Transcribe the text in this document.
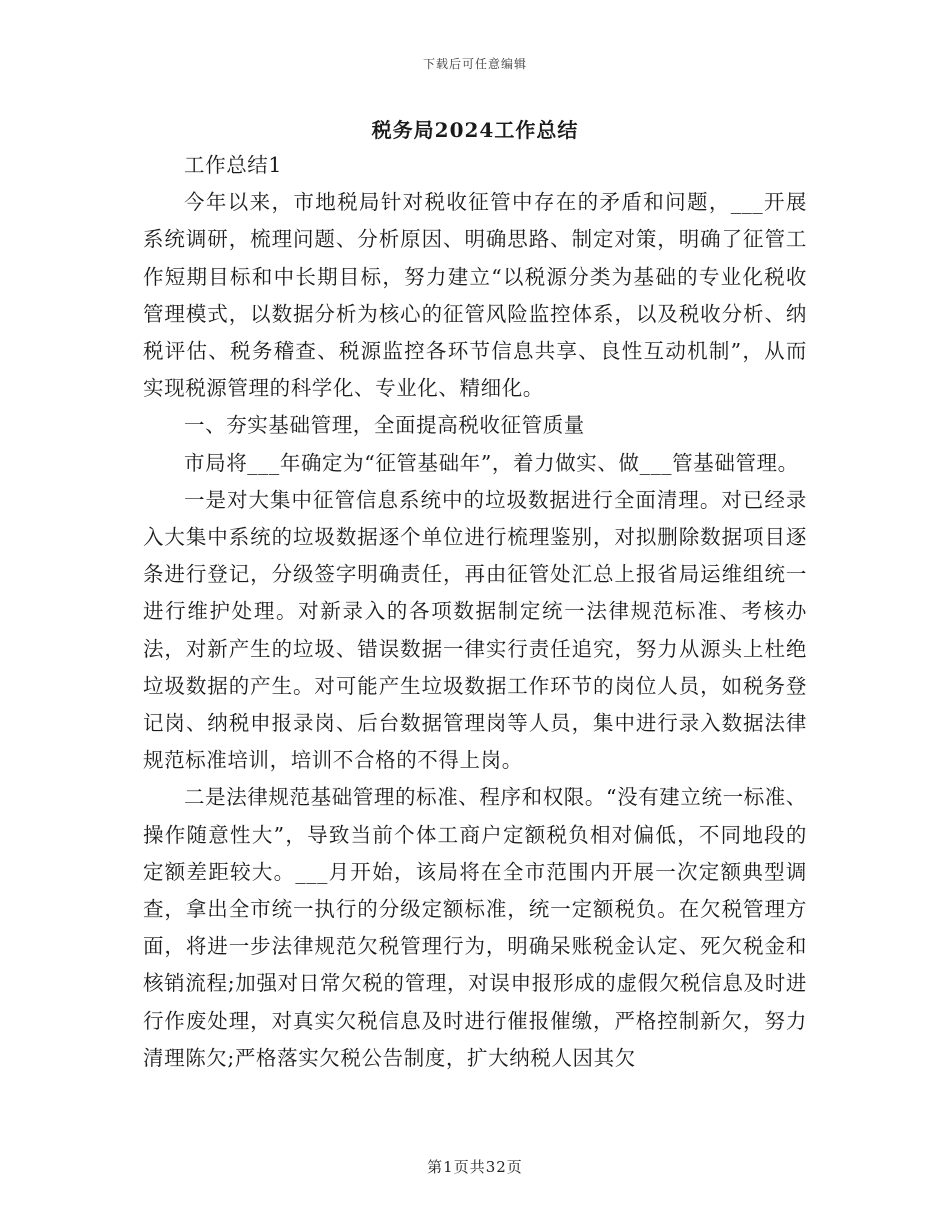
下载后可任意编辑
税务局2024工作总结

工作总结1

今年以来，市地税局针对税收征管中存在的矛盾和问题，___开展系统调研，梳理问题、分析原因、明确思路、制定对策，明确了征管工作短期目标和中长期目标，努力建立“以税源分类为基础的专业化税收管理模式，以数据分析为核心的征管风险监控体系，以及税收分析、纳税评估、税务稽查、税源监控各环节信息共享、良性互动机制”，从而实现税源管理的科学化、专业化、精细化。

一、夯实基础管理，全面提高税收征管质量

市局将___年确定为“征管基础年”，着力做实、做___管基础管理。

一是对大集中征管信息系统中的垃圾数据进行全面清理。对已经录入大集中系统的垃圾数据逐个单位进行梳理鉴别，对拟删除数据项目逐条进行登记，分级签字明确责任，再由征管处汇总上报省局运维组统一进行维护处理。对新录入的各项数据制定统一法律规范标准、考核办法，对新产生的垃圾、错误数据一律实行责任追究，努力从源头上杜绝垃圾数据的产生。对可能产生垃圾数据工作环节的岗位人员，如税务登记岗、纳税申报录岗、后台数据管理岗等人员，集中进行录入数据法律规范标准培训，培训不合格的不得上岗。

二是法律规范基础管理的标准、程序和权限。“没有建立统一标准、操作随意性大”，导致当前个体工商户定额税负相对偏低，不同地段的定额差距较大。___月开始，该局将在全市范围内开展一次定额典型调查，拿出全市统一执行的分级定额标准，统一定额税负。在欠税管理方面，将进一步法律规范欠税管理行为，明确呆账税金认定、死欠税金和核销流程;加强对日常欠税的管理，对误申报形成的虚假欠税信息及时进行作废处理，对真实欠税信息及时进行催报催缴，严格控制新欠，努力清理陈欠;严格落实欠税公告制度，扩大纳税人因其欠

第1页共32页
